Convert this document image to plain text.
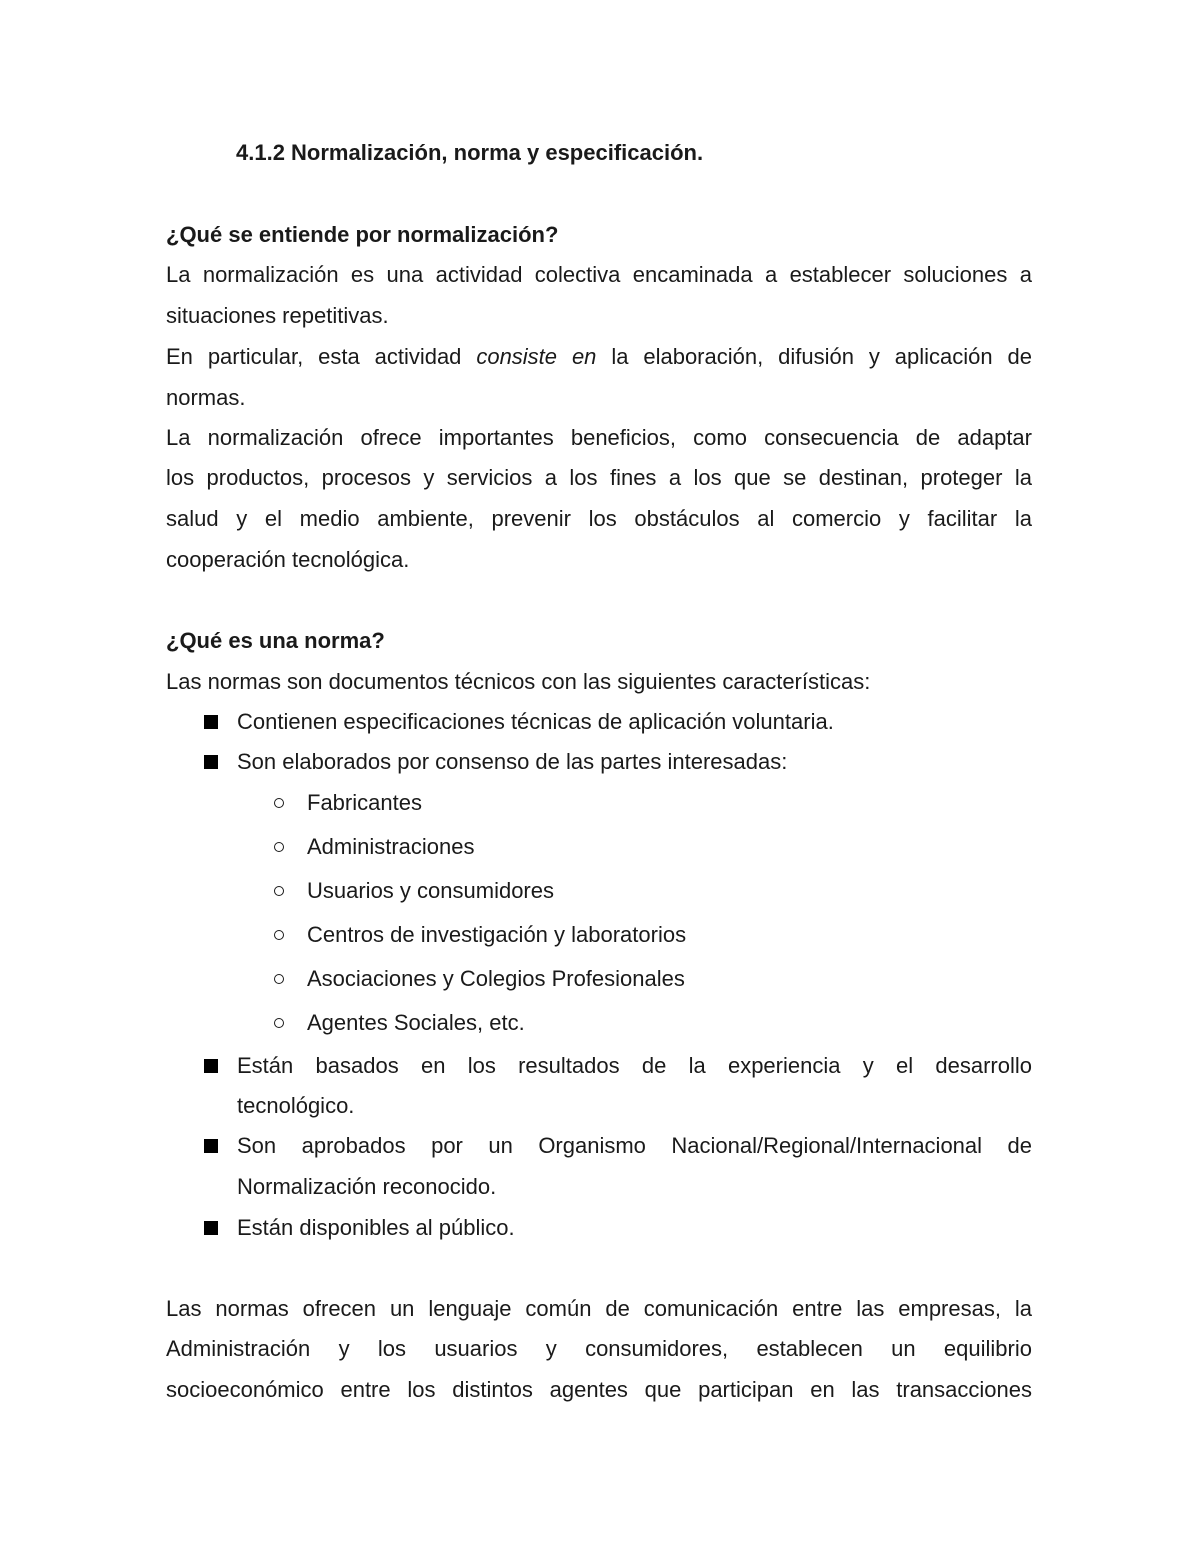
4.1.2 Normalización, norma y especificación.
¿Qué se entiende por normalización?
La normalización es una actividad colectiva encaminada a establecer soluciones a
situaciones repetitivas.
En particular, esta actividad consiste en la elaboración, difusión y aplicación de
normas.
La normalización ofrece importantes beneficios, como consecuencia de adaptar
los productos, procesos y servicios a los fines a los que se destinan, proteger la
salud y el medio ambiente, prevenir los obstáculos al comercio y facilitar la
cooperación tecnológica.
¿Qué es una norma?
Las normas son documentos técnicos con las siguientes características:
Contienen especificaciones técnicas de aplicación voluntaria.
Son elaborados por consenso de las partes interesadas:
Fabricantes
Administraciones
Usuarios y consumidores
Centros de investigación y laboratorios
Asociaciones y Colegios Profesionales
Agentes Sociales, etc.
Están basados en los resultados de la experiencia y el desarrollo
tecnológico.
Son aprobados por un Organismo Nacional/Regional/Internacional de
Normalización reconocido.
Están disponibles al público.
Las normas ofrecen un lenguaje común de comunicación entre las empresas, la
Administración y los usuarios y consumidores, establecen un equilibrio
socioeconómico entre los distintos agentes que participan en las transacciones
